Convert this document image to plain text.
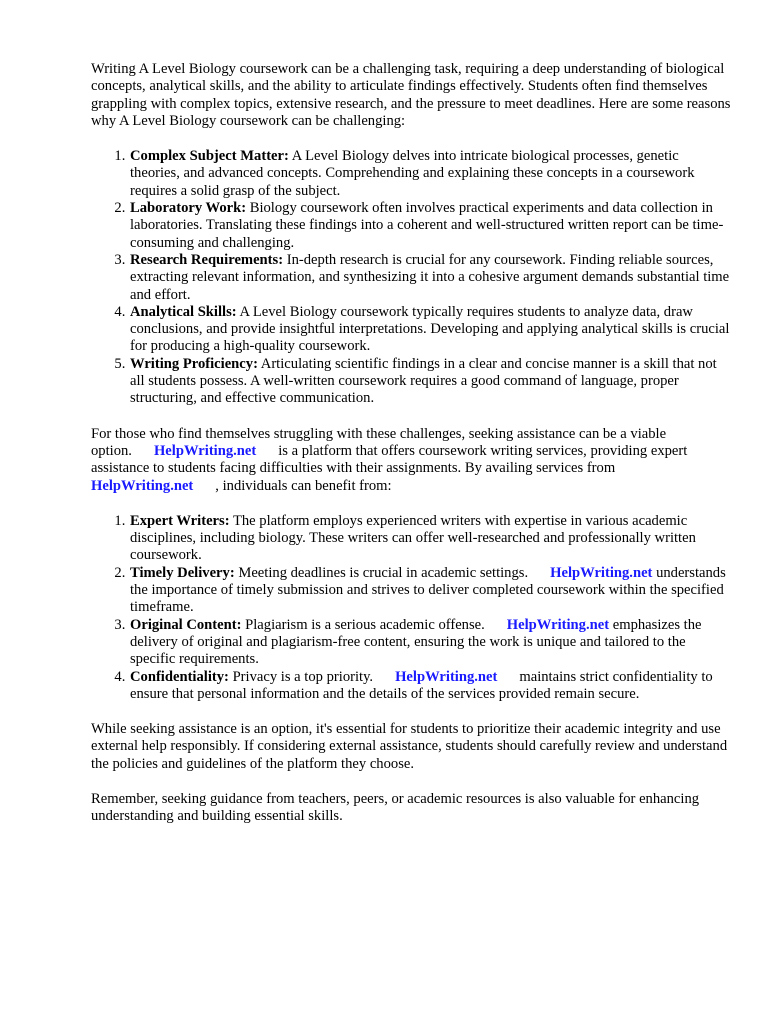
Writing A Level Biology coursework can be a challenging task, requiring a deep understanding of biological concepts, analytical skills, and the ability to articulate findings effectively. Students often find themselves grappling with complex topics, extensive research, and the pressure to meet deadlines. Here are some reasons why A Level Biology coursework can be challenging:

1. Complex Subject Matter: A Level Biology delves into intricate biological processes, genetic theories, and advanced concepts. Comprehending and explaining these concepts in a coursework requires a solid grasp of the subject.
2. Laboratory Work: Biology coursework often involves practical experiments and data collection in laboratories. Translating these findings into a coherent and well-structured written report can be time-consuming and challenging.
3. Research Requirements: In-depth research is crucial for any coursework. Finding reliable sources, extracting relevant information, and synthesizing it into a cohesive argument demands substantial time and effort.
4. Analytical Skills: A Level Biology coursework typically requires students to analyze data, draw conclusions, and provide insightful interpretations. Developing and applying analytical skills is crucial for producing a high-quality coursework.
5. Writing Proficiency: Articulating scientific findings in a clear and concise manner is a skill that not all students possess. A well-written coursework requires a good command of language, proper structuring, and effective communication.

For those who find themselves struggling with these challenges, seeking assistance can be a viable option. HelpWriting.net is a platform that offers coursework writing services, providing expert assistance to students facing difficulties with their assignments. By availing services from HelpWriting.net , individuals can benefit from:

1. Expert Writers: The platform employs experienced writers with expertise in various academic disciplines, including biology. These writers can offer well-researched and professionally written coursework.
2. Timely Delivery: Meeting deadlines is crucial in academic settings. HelpWriting.net understands the importance of timely submission and strives to deliver completed coursework within the specified timeframe.
3. Original Content: Plagiarism is a serious academic offense. HelpWriting.net emphasizes the delivery of original and plagiarism-free content, ensuring the work is unique and tailored to the specific requirements.
4. Confidentiality: Privacy is a top priority. HelpWriting.net maintains strict confidentiality to ensure that personal information and the details of the services provided remain secure.

While seeking assistance is an option, it's essential for students to prioritize their academic integrity and use external help responsibly. If considering external assistance, students should carefully review and understand the policies and guidelines of the platform they choose.

Remember, seeking guidance from teachers, peers, or academic resources is also valuable for enhancing understanding and building essential skills.
